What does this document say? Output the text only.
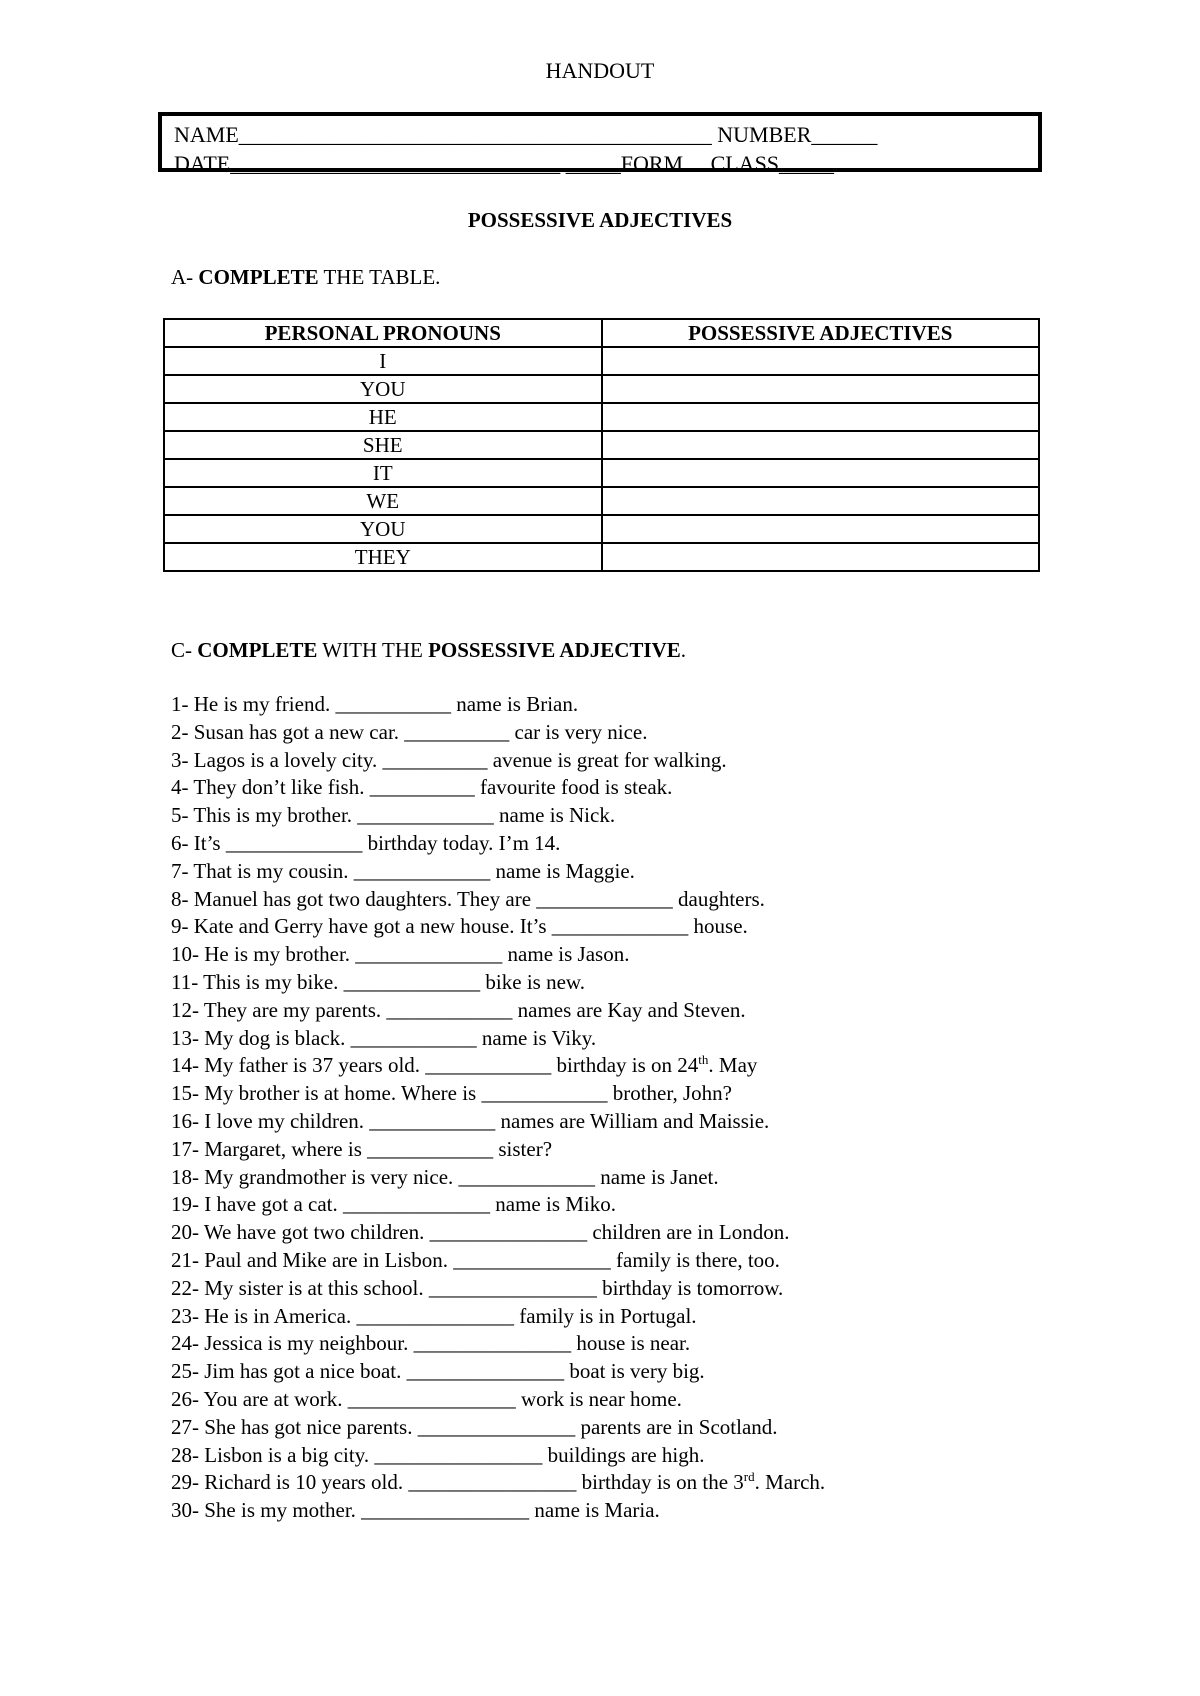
HANDOUT
NAME___________________________________________ NUMBER______
DATE______________________________ _____FORM     CLASS_____
POSSESSIVE ADJECTIVES
A- COMPLETE THE TABLE.
PERSONAL PRONOUNS	POSSESSIVE ADJECTIVES
I	
YOU	
HE	
SHE	
IT	
WE	
YOU	
THEY	
C- COMPLETE WITH THE POSSESSIVE ADJECTIVE.
1- He is my friend. ___________ name is Brian.
2- Susan has got a new car. __________ car is very nice.
3- Lagos is a lovely city. __________ avenue is great for walking.
4- They don’t like fish. __________ favourite food is steak.
5- This is my brother. _____________ name is Nick.
6- It’s _____________ birthday today. I’m 14.
7- That is my cousin. _____________ name is Maggie.
8- Manuel has got two daughters. They are _____________ daughters.
9- Kate and Gerry have got a new house. It’s _____________ house.
10- He is my brother. ______________ name is Jason.
11- This is my bike. _____________ bike is new.
12- They are my parents. ____________ names are Kay and Steven.
13- My dog is black. ____________ name is Viky.
14- My father is 37 years old. ____________ birthday is on 24th. May
15- My brother is at home. Where is ____________ brother, John?
16- I love my children. ____________ names are William and Maissie.
17- Margaret, where is ____________ sister?
18- My grandmother is very nice. _____________ name is Janet.
19- I have got a cat. ______________ name is Miko.
20- We have got two children. _______________ children are in London.
21- Paul and Mike are in Lisbon. _______________ family is there, too.
22- My sister is at this school. ________________ birthday is tomorrow.
23- He is in America. _______________ family is in Portugal.
24- Jessica is my neighbour. _______________ house is near.
25- Jim has got a nice boat. _______________ boat is very big.
26- You are at work. ________________ work is near home.
27- She has got nice parents. _______________ parents are in Scotland.
28- Lisbon is a big city. ________________ buildings are high.
29- Richard is 10 years old. ________________ birthday is on the 3rd. March.
30- She is my mother. ________________ name is Maria.
